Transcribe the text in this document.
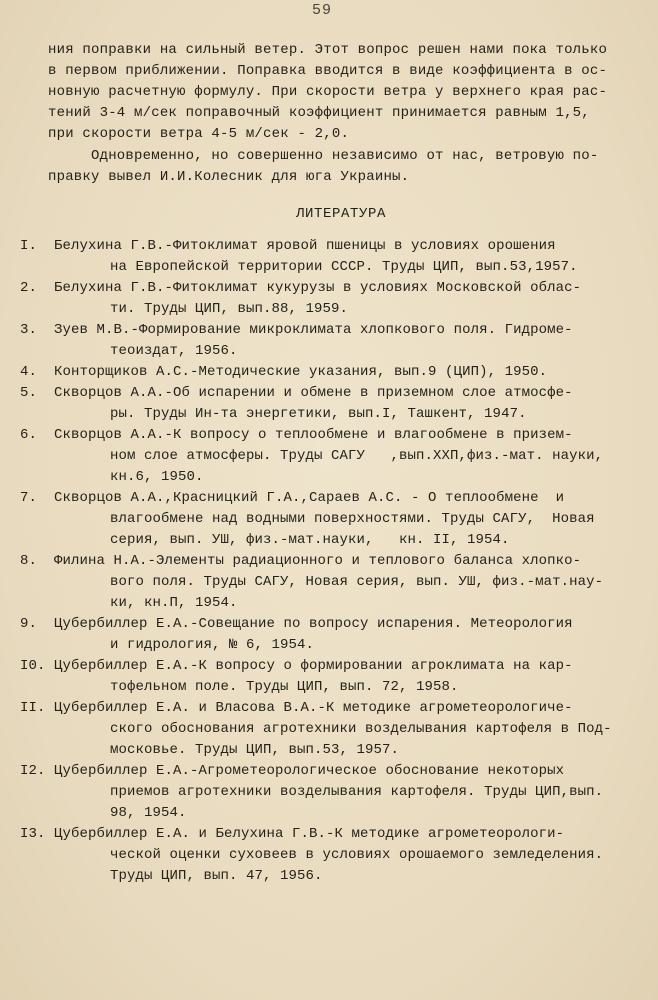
59
ния поправки на сильный ветер. Этот вопрос решен нами пока только
в первом приближении. Поправка вводится в виде коэффициента в ос-
новную расчетную формулу. При скорости ветра у верхнего края рас-
тений 3-4 м/сек поправочный коэффициент принимается равным 1,5,
при скорости ветра 4-5 м/сек - 2,0.
Одновременно, но совершенно независимо от нас, ветровую по-
правку вывел И.И.Колесник для юга Украины.
ЛИТЕРАТУРА
I.	Белухина Г.В.-Фитоклимат яровой пшеницы в условиях орошения
на Европейской территории СССР. Труды ЦИП, вып.53,1957.
2.	Белухина Г.В.-Фитоклимат кукурузы в условиях Московской облас-
ти. Труды ЦИП, вып.88, 1959.
3.	Зуев М.В.-Формирование микроклимата хлопкового поля. Гидроме-
теоиздат, 1956.
4.	Конторщиков А.С.-Методические указания, вып.9 (ЦИП), 1950.
5.	Скворцов А.А.-Об испарении и обмене в приземном слое атмосфе-
ры. Труды Ин-та энергетики, вып.I, Ташкент, 1947.
6.	Скворцов А.А.-К вопросу о теплообмене и влагообмене в призем-
ном слое атмосферы. Труды САГУ   ,вып.ХХП,физ.-мат. науки,
кн.6, 1950.
7.	Скворцов А.А.,Красницкий Г.А.,Сараев А.С. - О теплообмене  и
влагообмене над водными поверхностями. Труды САГУ,  Новая
серия, вып. УШ, физ.-мат.науки,   кн. II, 1954.
8.	Филина Н.А.-Элементы радиационного и теплового баланса хлопко-
вого поля. Труды САГУ, Новая серия, вып. УШ, физ.-мат.нау-
ки, кн.П, 1954.
9.	Цубербиллер Е.А.-Совещание по вопросу испарения. Метеорология
и гидрология, № 6, 1954.
I0. Цубербиллер Е.А.-К вопросу о формировании агроклимата на кар-
тофельном поле. Труды ЦИП, вып. 72, 1958.
II. Цубербиллер Е.А. и Власова В.А.-К методике агрометеорологиче-
ского обоснования агротехники возделывания картофеля в Под-
московье. Труды ЦИП, вып.53, 1957.
I2. Цубербиллер Е.А.-Агрометеорологическое обоснование некоторых
приемов агротехники возделывания картофеля. Труды ЦИП,вып.
98, 1954.
I3. Цубербиллер Е.А. и Белухина Г.В.-К методике агрометеорологи-
ческой оценки суховеев в условиях орошаемого земледеления.
Труды ЦИП, вып. 47, 1956.
